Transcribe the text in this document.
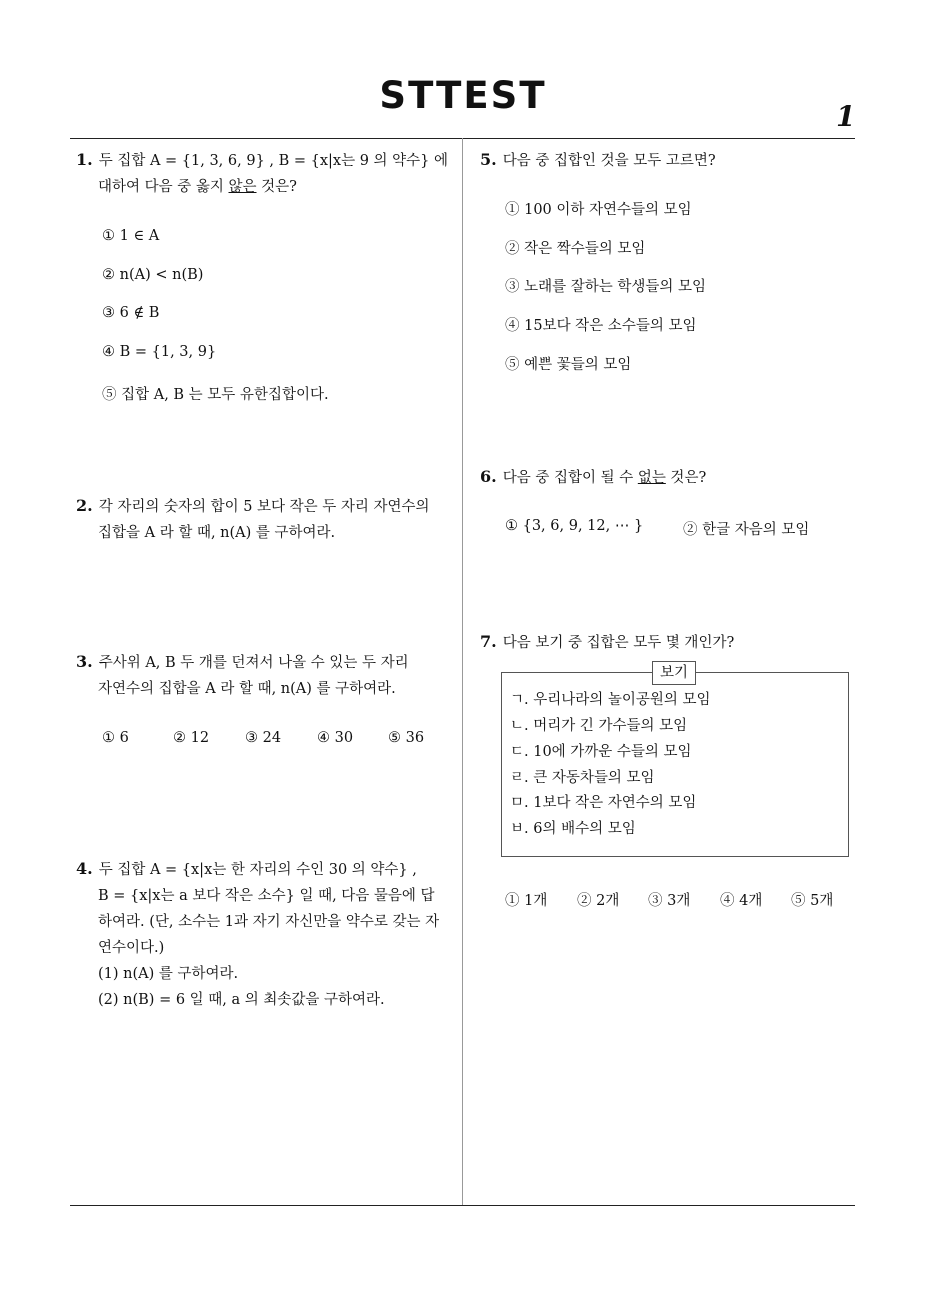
STTEST	1
1. 두 집합 A = {1, 3, 6, 9} , B = {x|x는 9 의 약수} 에
대하여 다음 중 옳지 않은 것은?
① 1 ∈ A
② n(A) < n(B)
③ 6 ∉ B
④ B = {1, 3, 9}
⑤ 집합 A, B 는 모두 유한집합이다.
2. 각 자리의 숫자의 합이 5 보다 작은 두 자리 자연수의
집합을 A 라 할 때, n(A) 를 구하여라.
3. 주사위 A, B 두 개를 던져서 나올 수 있는 두 자리
자연수의 집합을 A 라 할 때, n(A) 를 구하여라.
① 6	② 12 ③ 24 ④ 30 ⑤ 36
4. 두 집합 A = {x|x는 한 자리의 수인 30 의 약수} ,
B = {x|x는 a 보다 작은 소수} 일 때, 다음 물음에 답
하여라. (단, 소수는 1과 자기 자신만을 약수로 갖는 자
연수이다.)
(1) n(A) 를 구하여라.
(2) n(B) = 6 일 때, a 의 최솟값을 구하여라.
5. 다음 중 집합인 것을 모두 고르면?
① 100 이하 자연수들의 모임
② 작은 짝수들의 모임
③ 노래를 잘하는 학생들의 모임
④ 15보다 작은 소수들의 모임
⑤ 예쁜 꽃들의 모임
6. 다음 중 집합이 될 수 없는 것은?
① {3, 6, 9, 12, ⋯ }	② 한글 자음의 모임
7. 다음 보기 중 집합은 모두 몇 개인가?
보기
ㄱ. 우리나라의 놀이공원의 모임
ㄴ. 머리가 긴 가수들의 모임
ㄷ. 10에 가까운 수들의 모임
ㄹ. 큰 자동차들의 모임
ㅁ. 1보다 작은 자연수의 모임
ㅂ. 6의 배수의 모임
① 1개 ② 2개 ③ 3개 ④ 4개 ⑤ 5개
